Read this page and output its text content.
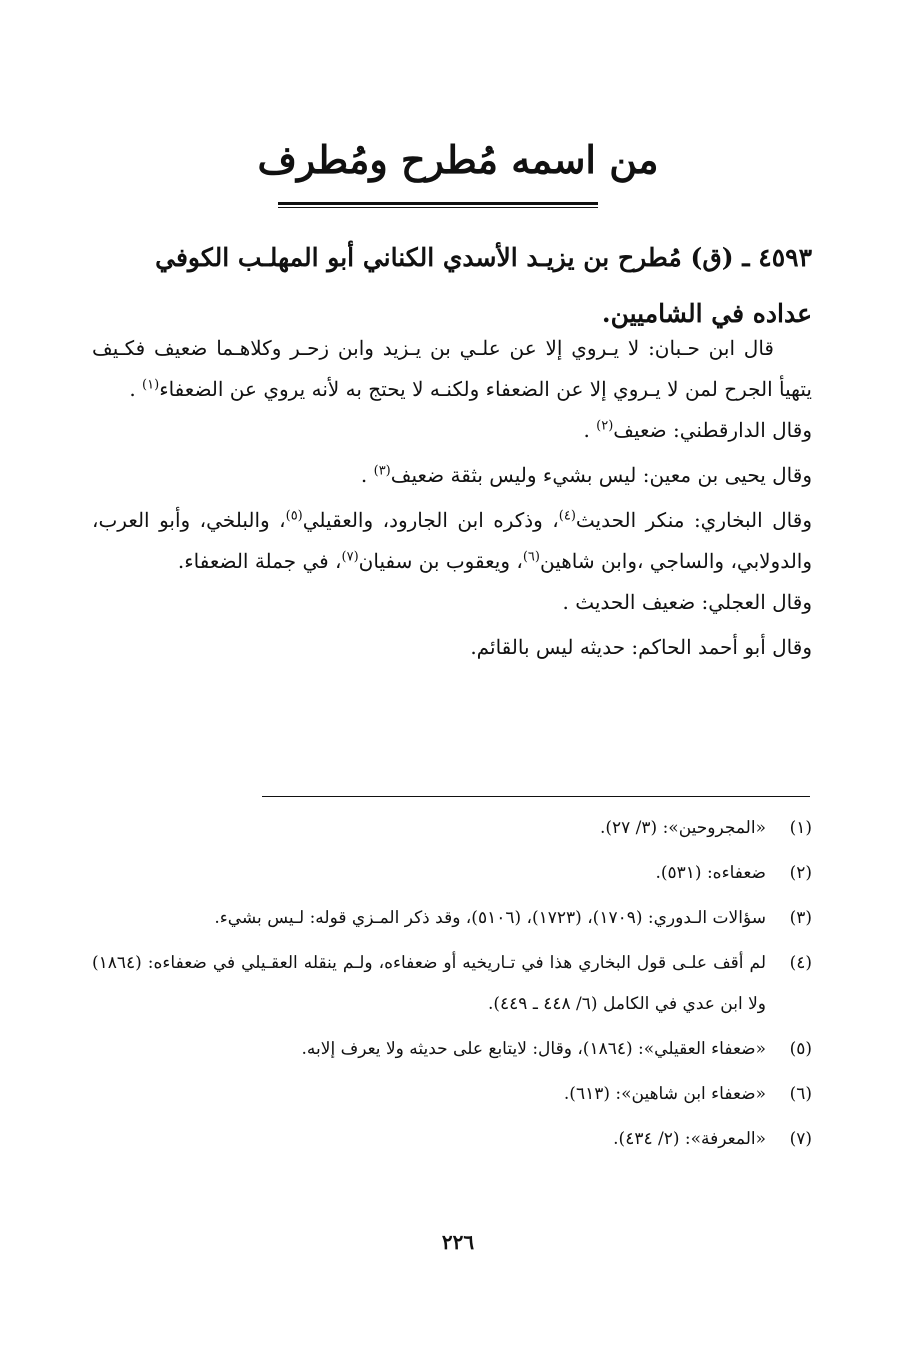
من اسمه مُطرح ومُطرف
٤٥٩٣ ـ (ق) مُطرح بن يزيـد الأسدي الكناني أبو المهلـب الكوفي عداده في الشاميين.

قال ابن حـبان: لا يـروي إلا عن علـي بن يـزيد وابن زحـر وكلاهـما ضعيف فكـيف يتهيأ الجرح لمن لا يـروي إلا عن الضعفاء ولكنـه لا يحتج به لأنه يروي عن الضعفاء$^{(١)}$ .

وقال الدارقطني: ضعيف$^{(٢)}$ .

وقال يحيى بن معين: ليس بشيء وليس بثقة ضعيف$^{(٣)}$ .

وقال البخاري: منكر الحديث$^{(٤)}$، وذكره ابن الجارود، والعقيلي$^{(٥)}$، والبلخي، وأبو العرب، والدولابي، والساجي ،وابن شاهين$^{(٦)}$، ويعقوب بن سفيان$^{(٧)}$، في جملة الضعفاء.

وقال العجلي: ضعيف الحديث .

وقال أبو أحمد الحاكم: حديثه ليس بالقائم.

(١)
«المجروحين»: (٣/ ٢٧).
(٢)
ضعفاءه: (٥٣١).
(٣)
سؤالات الـدوري: (١٧٠٩)، (١٧٢٣)، (٥١٠٦)، وقد ذكر المـزي قوله: لـيس بشيء.
(٤)
لم أقف علـى قول البخاري هذا في تـاريخيه أو ضعفاءه، ولـم ينقله العقـيلي في ضعفاءه: (١٨٦٤) ولا ابن عدي في الكامل (٦/ ٤٤٨ ـ ٤٤٩).
(٥)
«ضعفاء العقيلي»: (١٨٦٤)، وقال: لايتابع على حديثه ولا يعرف إلابه.
(٦)
«ضعفاء ابن شاهين»: (٦١٣).
(٧)
«المعرفة»: (٢/ ٤٣٤).
٢٢٦
